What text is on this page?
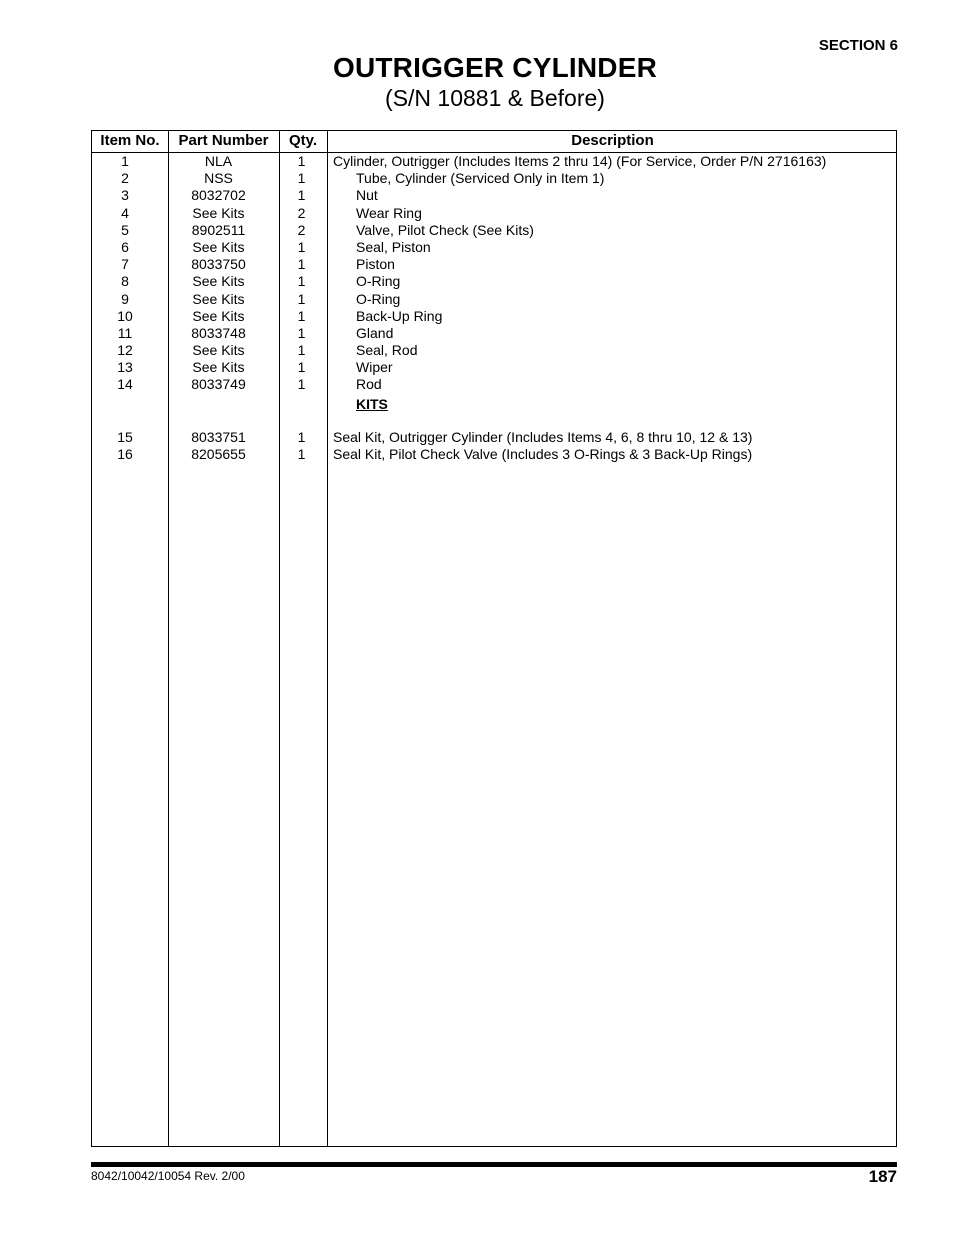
SECTION 6
OUTRIGGER CYLINDER
(S/N 10881 & Before)
Item No.	Part Number	Qty.	Description
1	NLA	1	Cylinder, Outrigger (Includes Items 2 thru 14) (For Service, Order P/N 2716163)
2	NSS	1	Tube, Cylinder (Serviced Only in Item 1)
3	8032702	1	Nut
4	See Kits	2	Wear Ring
5	8902511	2	Valve, Pilot Check (See Kits)
6	See Kits	1	Seal, Piston
7	8033750	1	Piston
8	See Kits	1	O-Ring
9	See Kits	1	O-Ring
10	See Kits	1	Back-Up Ring
11	8033748	1	Gland
12	See Kits	1	Seal, Rod
13	See Kits	1	Wiper
14	8033749	1	Rod
KITS
15	8033751	1	Seal Kit, Outrigger Cylinder (Includes Items 4, 6, 8 thru 10, 12 & 13)
16	8205655	1	Seal Kit, Pilot Check Valve (Includes 3 O-Rings & 3 Back-Up Rings)
8042/10042/10054 Rev. 2/00	187
